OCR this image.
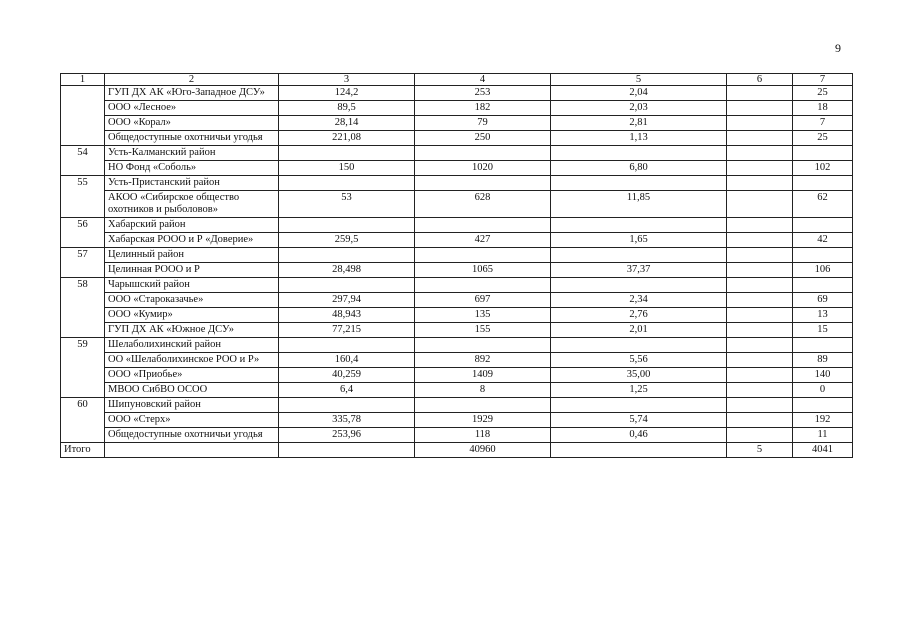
9
1	2	3	4	5	6	7
	ГУП ДХ АК «Юго-Западное ДСУ»	124,2	253	2,04		25
	ООО «Лесное»	89,5	182	2,03		18
	ООО «Корал»	28,14	79	2,81		7
	Общедоступные охотничьи угодья	221,08	250	1,13		25
54	Усть-Калманский район					
	НО Фонд «Соболь»	150	1020	6,80		102
55	Усть-Пристанский район					
	АКОО «Сибирское общество охотников и рыболовов»	53	628	11,85		62
56	Хабарский район					
	Хабарская РООО и Р «Доверие»	259,5	427	1,65		42
57	Целинный район					
	Целинная РООО и Р	28,498	1065	37,37		106
58	Чарышский район					
	ООО «Староказачье»	297,94	697	2,34		69
	ООО «Кумир»	48,943	135	2,76		13
	ГУП ДХ АК «Южное ДСУ»	77,215	155	2,01		15
59	Шелаболихинский район					
	ОО «Шелаболихинское РОО и Р»	160,4	892	5,56		89
	ООО «Приобье»	40,259	1409	35,00		140
	МВОО СибВО ОСОО	6,4	8	1,25		0
60	Шипуновский район					
	ООО «Стерх»	335,78	1929	5,74		192
	Общедоступные охотничьи угодья	253,96	118	0,46		11
Итого			40960		5	4041
